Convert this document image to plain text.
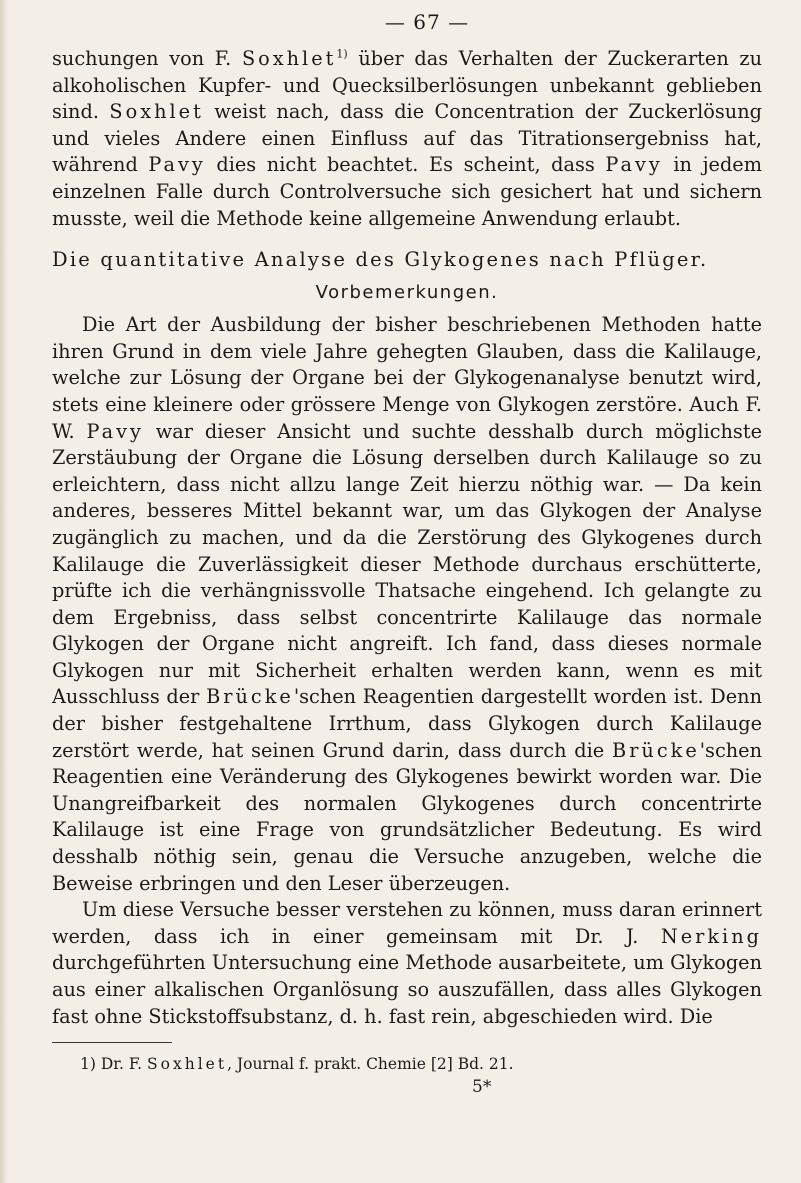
— 67 —

suchungen von F. Soxhlet$^{1)}$ über das Verhalten der Zuckerarten zu alkoholischen Kupfer- und Quecksilberlösungen unbekannt geblieben sind. Soxhlet weist nach, dass die Concentration der Zuckerlösung und vieles Andere einen Einfluss auf das Titrationsergebniss hat, während Pavy dies nicht beachtet. Es scheint, dass Pavy in jedem einzelnen Falle durch Controlversuche sich gesichert hat und sichern musste, weil die Methode keine allgemeine Anwendung erlaubt.

Die quantitative Analyse des Glykogenes nach Pflüger.
Vorbemerkungen.

Die Art der Ausbildung der bisher beschriebenen Methoden hatte ihren Grund in dem viele Jahre gehegten Glauben, dass die Kalilauge, welche zur Lösung der Organe bei der Glykogenanalyse benutzt wird, stets eine kleinere oder grössere Menge von Glykogen zerstöre. Auch F. W. Pavy war dieser Ansicht und suchte desshalb durch möglichste Zerstäubung der Organe die Lösung derselben durch Kalilauge so zu erleichtern, dass nicht allzu lange Zeit hierzu nöthig war. — Da kein anderes, besseres Mittel bekannt war, um das Glykogen der Analyse zugänglich zu machen, und da die Zerstörung des Glykogenes durch Kalilauge die Zuverlässigkeit dieser Methode durchaus erschütterte, prüfte ich die verhängnissvolle Thatsache eingehend. Ich gelangte zu dem Ergebniss, dass selbst concentrirte Kalilauge das normale Glykogen der Organe nicht angreift. Ich fand, dass dieses normale Glykogen nur mit Sicherheit erhalten werden kann, wenn es mit Ausschluss der Brücke'schen Reagentien dargestellt worden ist. Denn der bisher festgehaltene Irrthum, dass Glykogen durch Kalilauge zerstört werde, hat seinen Grund darin, dass durch die Brücke'schen Reagentien eine Veränderung des Glykogenes bewirkt worden war. Die Unangreifbarkeit des normalen Glykogenes durch concentrirte Kalilauge ist eine Frage von grundsätzlicher Bedeutung. Es wird desshalb nöthig sein, genau die Versuche anzugeben, welche die Beweise erbringen und den Leser überzeugen.

Um diese Versuche besser verstehen zu können, muss daran erinnert werden, dass ich in einer gemeinsam mit Dr. J. Nerking durchgeführten Untersuchung eine Methode ausarbeitete, um Glykogen aus einer alkalischen Organlösung so auszufällen, dass alles Glykogen fast ohne Stickstoffsubstanz, d. h. fast rein, abgeschieden wird. Die

1) Dr. F. Soxhlet, Journal f. prakt. Chemie [2] Bd. 21.
5*
